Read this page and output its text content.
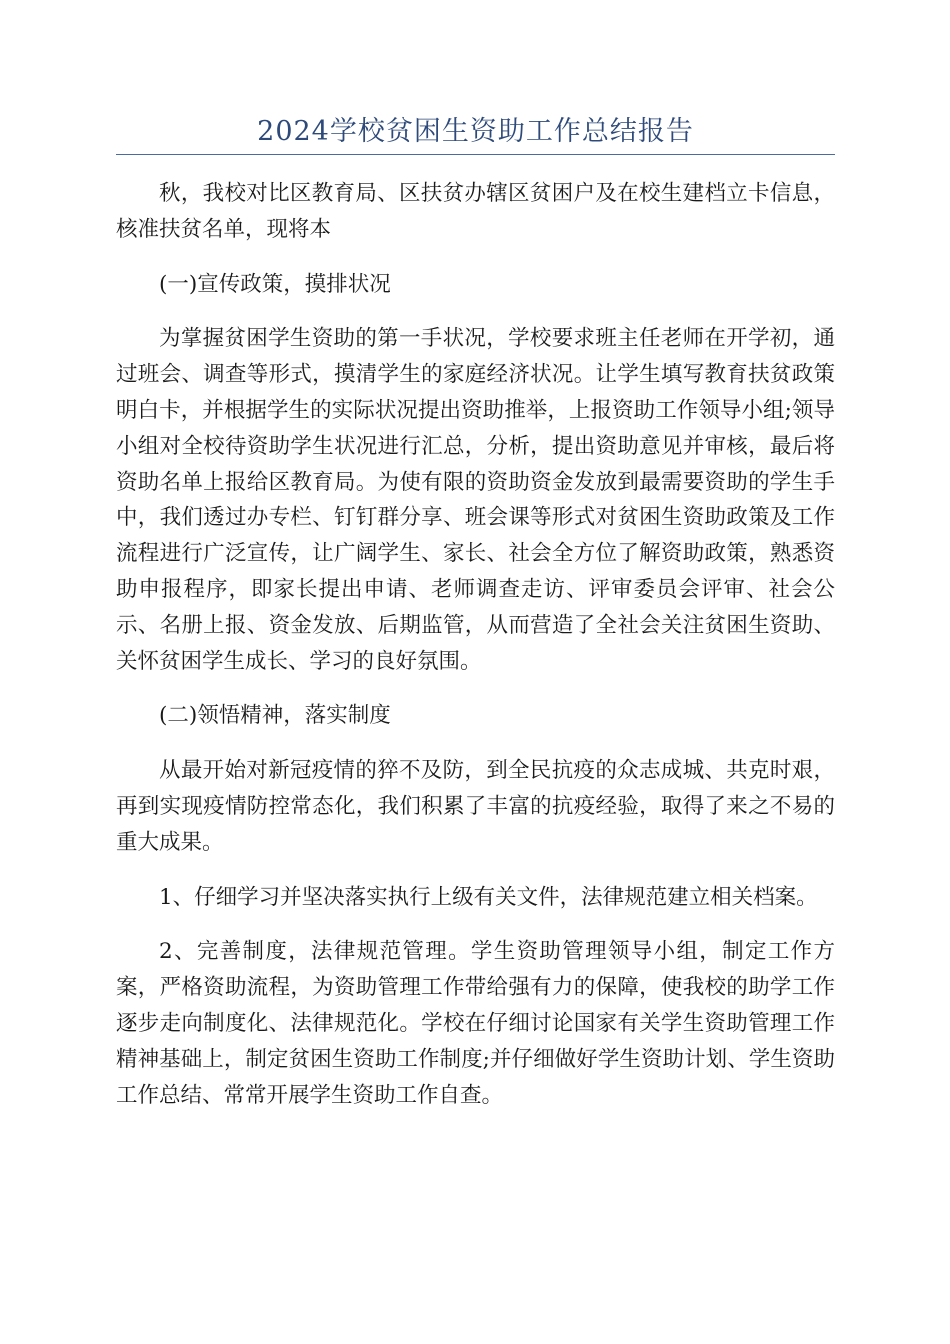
2024学校贫困生资助工作总结报告

秋，我校对比区教育局、区扶贫办辖区贫困户及在校生建档立卡信息，核准扶贫名单，现将本

(一)宣传政策，摸排状况

为掌握贫困学生资助的第一手状况，学校要求班主任老师在开学初，通过班会、调查等形式，摸清学生的家庭经济状况。让学生填写教育扶贫政策明白卡，并根据学生的实际状况提出资助推举，上报资助工作领导小组;领导小组对全校待资助学生状况进行汇总，分析，提出资助意见并审核，最后将资助名单上报给区教育局。为使有限的资助资金发放到最需要资助的学生手中，我们透过办专栏、钉钉群分享、班会课等形式对贫困生资助政策及工作流程进行广泛宣传，让广阔学生、家长、社会全方位了解资助政策，熟悉资助申报程序，即家长提出申请、老师调查走访、评审委员会评审、社会公示、名册上报、资金发放、后期监管，从而营造了全社会关注贫困生资助、关怀贫困学生成长、学习的良好氛围。

(二)领悟精神，落实制度

从最开始对新冠疫情的猝不及防，到全民抗疫的众志成城、共克时艰，再到实现疫情防控常态化，我们积累了丰富的抗疫经验，取得了来之不易的重大成果。

1、仔细学习并坚决落实执行上级有关文件，法律规范建立相关档案。

2、完善制度，法律规范管理。学生资助管理领导小组，制定工作方案，严格资助流程，为资助管理工作带给强有力的保障，使我校的助学工作逐步走向制度化、法律规范化。学校在仔细讨论国家有关学生资助管理工作精神基础上，制定贫困生资助工作制度;并仔细做好学生资助计划、学生资助工作总结、常常开展学生资助工作自查。
